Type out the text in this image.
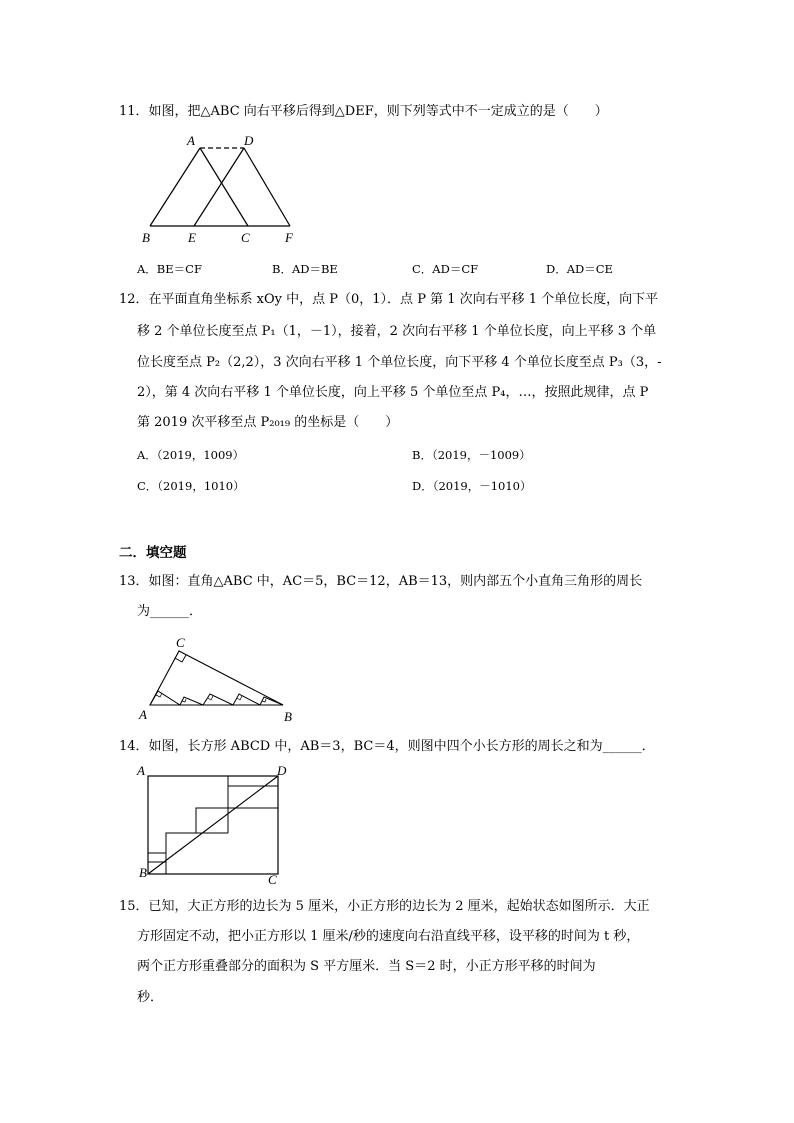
11．如图，把△ABC 向右平移后得到△DEF，则下列等式中不一定成立的是（　　）
A	D
B	E	C	F
A．BE＝CF	B．AD＝BE	C．AD＝CF	D．AD＝CE
12．在平面直角坐标系 xOy 中，点 P（0，1）．点 P 第 1 次向右平移 1 个单位长度，向下平
移 2 个单位长度至点 P₁（1，－1），接着，2 次向右平移 1 个单位长度，向上平移 3 个单
位长度至点 P₂（2,2），3 次向右平移 1 个单位长度，向下平移 4 个单位长度至点 P₃（3，-
2），第 4 次向右平移 1 个单位长度，向上平移 5 个单位至点 P₄，…，按照此规律，点 P
第 2019 次平移至点 P₂₀₁₉ 的坐标是（　　）
A．（2019，1009）	B．（2019，－1009）
C．（2019，1010）	D．（2019，－1010）
二．填空题
13．如图：直角△ABC 中，AC＝5，BC＝12，AB＝13，则内部五个小直角三角形的周长
为______．
C
A	B
14．如图，长方形 ABCD 中，AB＝3，BC＝4，则图中四个小长方形的周长之和为______．
A	D
B	C
15．已知，大正方形的边长为 5 厘米，小正方形的边长为 2 厘米，起始状态如图所示．大正
方形固定不动，把小正方形以 1 厘米/秒的速度向右沿直线平移，设平移的时间为 t 秒，
两个正方形重叠部分的面积为 S 平方厘米．当 S＝2 时，小正方形平移的时间为
秒．
